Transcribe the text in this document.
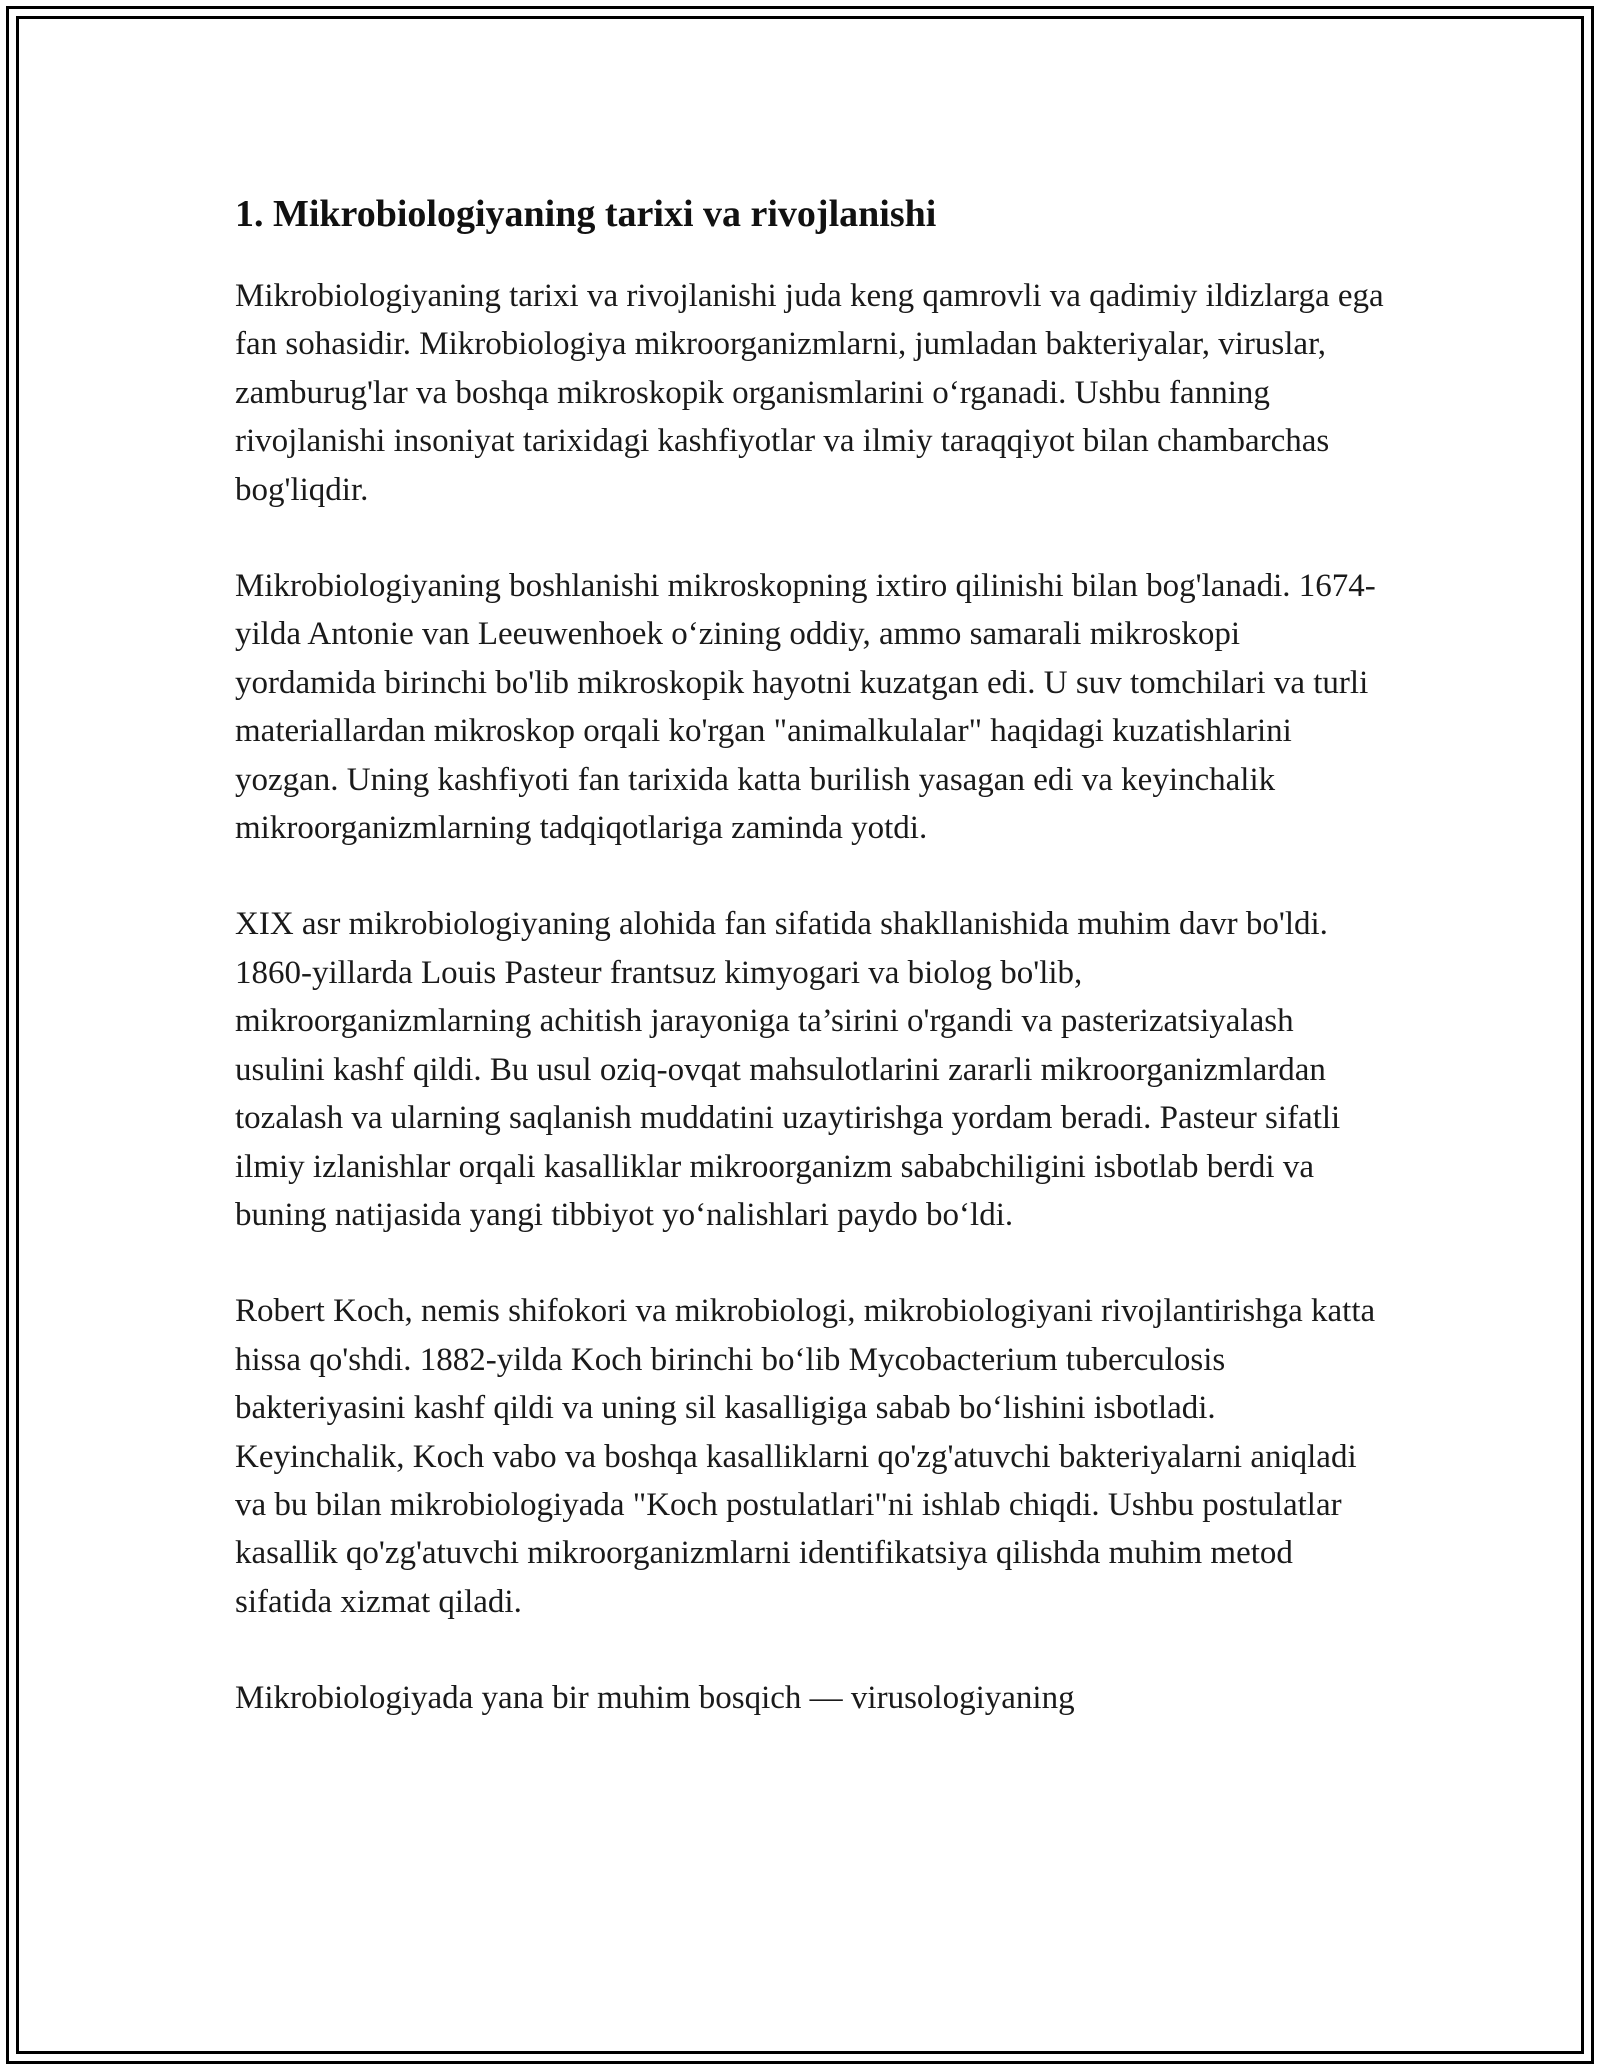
1. Mikrobiologiyaning tarixi va rivojlanishi

Mikrobiologiyaning tarixi va rivojlanishi juda keng qamrovli va qadimiy ildizlarga ega fan sohasidir. Mikrobiologiya mikroorganizmlarni, jumladan bakteriyalar, viruslar, zamburug'lar va boshqa mikroskopik organismlarini o‘rganadi. Ushbu fanning rivojlanishi insoniyat tarixidagi kashfiyotlar va ilmiy taraqqiyot bilan chambarchas bog'liqdir.

Mikrobiologiyaning boshlanishi mikroskopning ixtiro qilinishi bilan bog'lanadi. 1674-yilda Antonie van Leeuwenhoek o‘zining oddiy, ammo samarali mikroskopi yordamida birinchi bo'lib mikroskopik hayotni kuzatgan edi. U suv tomchilari va turli materiallardan mikroskop orqali ko'rgan "animalkulalar" haqidagi kuzatishlarini yozgan. Uning kashfiyoti fan tarixida katta burilish yasagan edi va keyinchalik mikroorganizmlarning tadqiqotlariga zaminda yotdi.

XIX asr mikrobiologiyaning alohida fan sifatida shakllanishida muhim davr bo'ldi. 1860-yillarda Louis Pasteur frantsuz kimyogari va biolog bo'lib, mikroorganizmlarning achitish jarayoniga ta’sirini o'rgandi va pasterizatsiyalash usulini kashf qildi. Bu usul oziq-ovqat mahsulotlarini zararli mikroorganizmlardan tozalash va ularning saqlanish muddatini uzaytirishga yordam beradi. Pasteur sifatli ilmiy izlanishlar orqali kasalliklar mikroorganizm sababchiligini isbotlab berdi va buning natijasida yangi tibbiyot yo‘nalishlari paydo bo‘ldi.

Robert Koch, nemis shifokori va mikrobiologi, mikrobiologiyani rivojlantirishga katta hissa qo'shdi. 1882-yilda Koch birinchi bo‘lib Mycobacterium tuberculosis bakteriyasini kashf qildi va uning sil kasalligiga sabab bo‘lishini isbotladi. Keyinchalik, Koch vabo va boshqa kasalliklarni qo'zg'atuvchi bakteriyalarni aniqladi va bu bilan mikrobiologiyada "Koch postulatlari"ni ishlab chiqdi. Ushbu postulatlar kasallik qo'zg'atuvchi mikroorganizmlarni identifikatsiya qilishda muhim metod sifatida xizmat qiladi.

Mikrobiologiyada yana bir muhim bosqich — virusologiyaning
